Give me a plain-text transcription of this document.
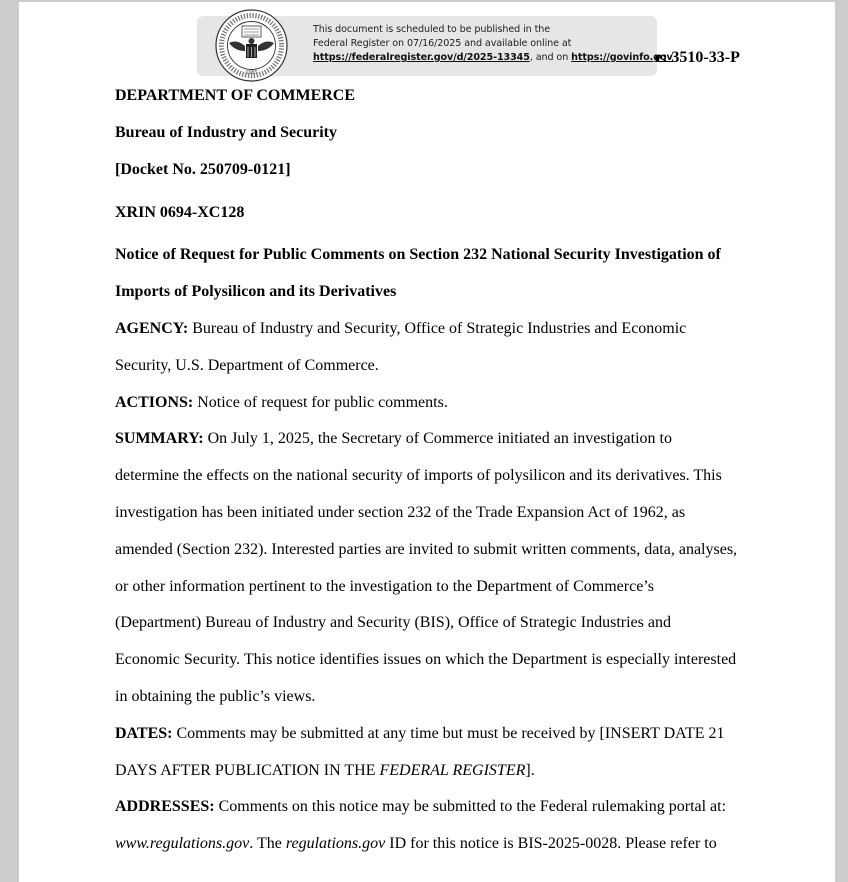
1985
This document is scheduled to be published in the
Federal Register on 07/16/2025 and available online at
https://federalregister.gov/d/2025-13345, and on https://govinfo.gov
e: 3510-33-P
DEPARTMENT OF COMMERCE
Bureau of Industry and Security
[Docket No. 250709-0121]
XRIN 0694-XC128
Notice of Request for Public Comments on Section 232 National Security Investigation of
Imports of Polysilicon and its Derivatives
AGENCY: Bureau of Industry and Security, Office of Strategic Industries and Economic
Security, U.S. Department of Commerce.
ACTIONS: Notice of request for public comments.
SUMMARY: On July 1, 2025, the Secretary of Commerce initiated an investigation to
determine the effects on the national security of imports of polysilicon and its derivatives. This
investigation has been initiated under section 232 of the Trade Expansion Act of 1962, as
amended (Section 232). Interested parties are invited to submit written comments, data, analyses,
or other information pertinent to the investigation to the Department of Commerce’s
(Department) Bureau of Industry and Security (BIS), Office of Strategic Industries and
Economic Security. This notice identifies issues on which the Department is especially interested
in obtaining the public’s views.
DATES: Comments may be submitted at any time but must be received by [INSERT DATE 21
DAYS AFTER PUBLICATION IN THE FEDERAL REGISTER].
ADDRESSES: Comments on this notice may be submitted to the Federal rulemaking portal at:
www.regulations.gov. The regulations.gov ID for this notice is BIS-2025-0028. Please refer to
